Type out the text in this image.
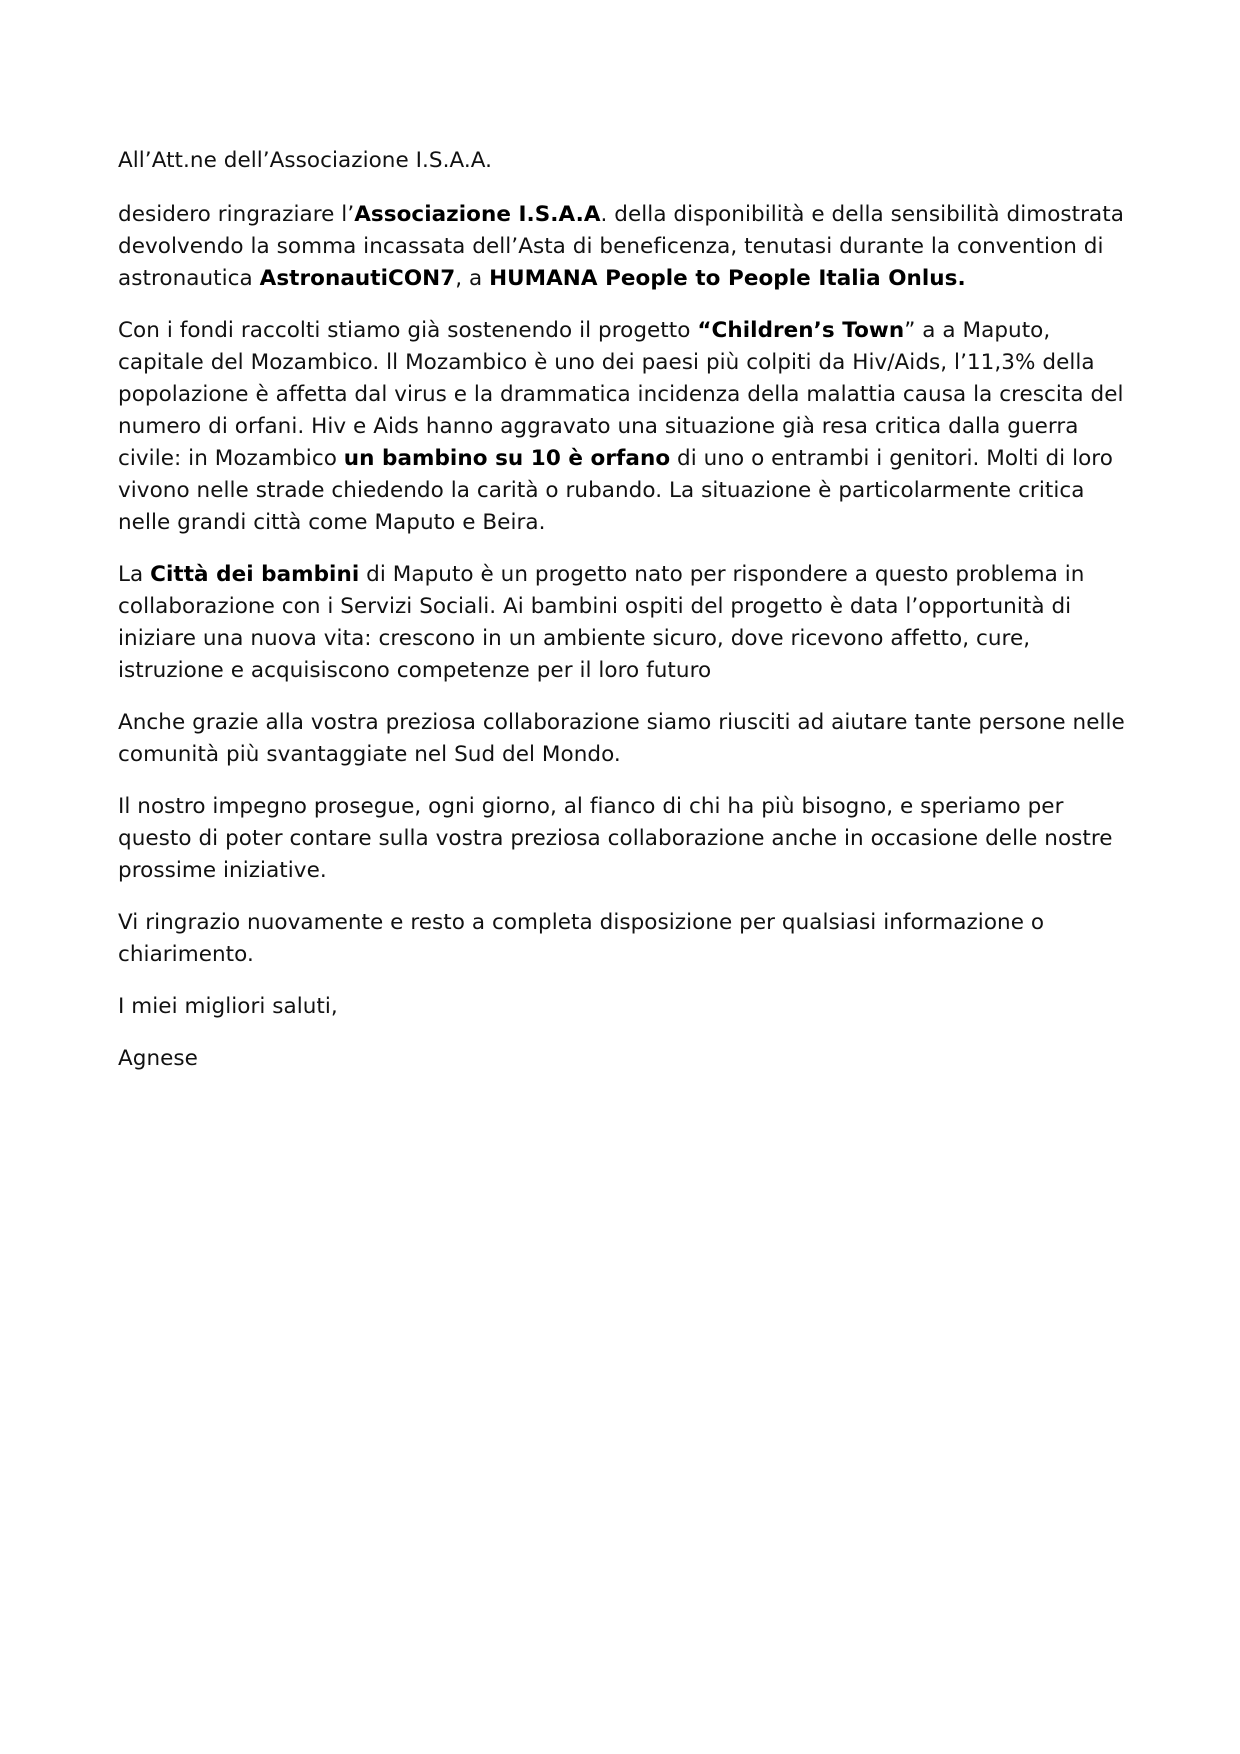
All’Att.ne dell’Associazione I.S.A.A.

desidero ringraziare l’Associazione I.S.A.A. della disponibilità e della sensibilità dimostrata devolvendo la somma incassata dell’Asta di beneficenza, tenutasi durante la convention di astronautica AstronautiCON7, a HUMANA People to People Italia Onlus.

Con i fondi raccolti stiamo già sostenendo il progetto “Children’s Town” a a Maputo, capitale del Mozambico. ll Mozambico è uno dei paesi più colpiti da Hiv/Aids, l’11,3% della popolazione è affetta dal virus e la drammatica incidenza della malattia causa la crescita del numero di orfani. Hiv e Aids hanno aggravato una situazione già resa critica dalla guerra civile: in Mozambico un bambino su 10 è orfano di uno o entrambi i genitori. Molti di loro vivono nelle strade chiedendo la carità o rubando. La situazione è particolarmente critica nelle grandi città come Maputo e Beira.

La Città dei bambini di Maputo è un progetto nato per rispondere a questo problema in collaborazione con i Servizi Sociali. Ai bambini ospiti del progetto è data l’opportunità di iniziare una nuova vita: crescono in un ambiente sicuro, dove ricevono affetto, cure, istruzione e acquisiscono competenze per il loro futuro

Anche grazie alla vostra preziosa collaborazione siamo riusciti ad aiutare tante persone nelle comunità più svantaggiate nel Sud del Mondo.

Il nostro impegno prosegue, ogni giorno, al fianco di chi ha più bisogno, e speriamo per questo di poter contare sulla vostra preziosa collaborazione anche in occasione delle nostre prossime iniziative.

Vi ringrazio nuovamente e resto a completa disposizione per qualsiasi informazione o chiarimento.

I miei migliori saluti,

Agnese
